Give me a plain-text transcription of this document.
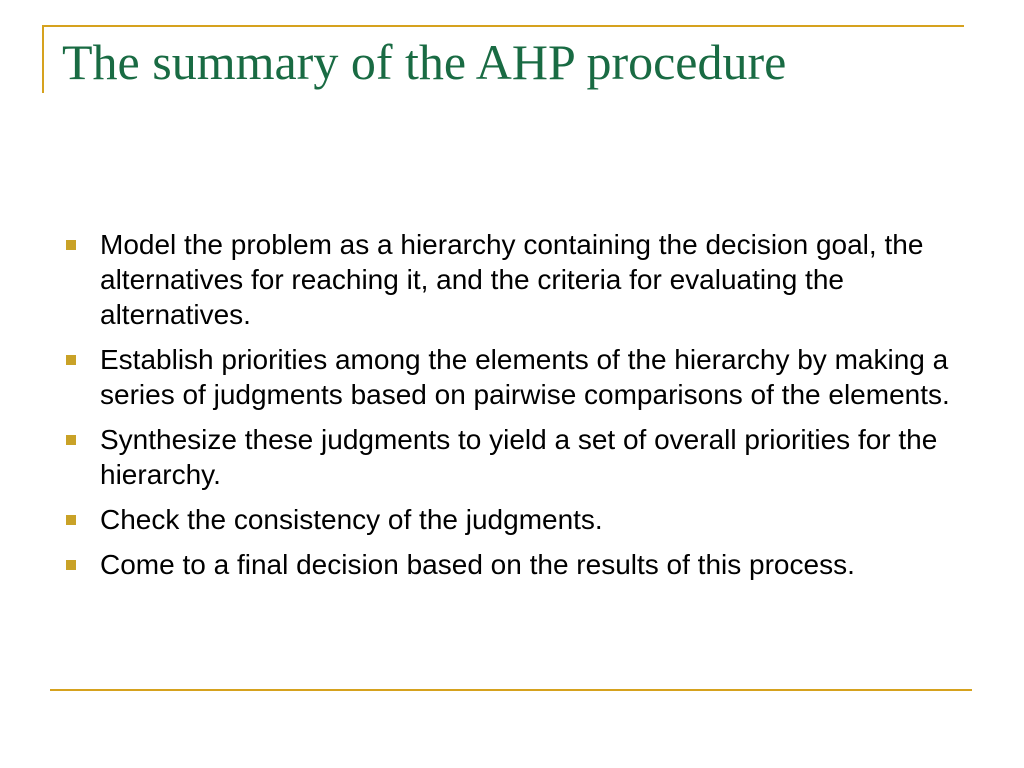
The summary of the AHP procedure
Model the problem as a hierarchy containing the decision goal, the alternatives for reaching it, and the criteria for evaluating the alternatives.
Establish priorities among the elements of the hierarchy by making a series of judgments based on pairwise comparisons of the elements.
Synthesize these judgments to yield a set of overall priorities for the hierarchy.
Check the consistency of the judgments.
Come to a final decision based on the results of this process.
